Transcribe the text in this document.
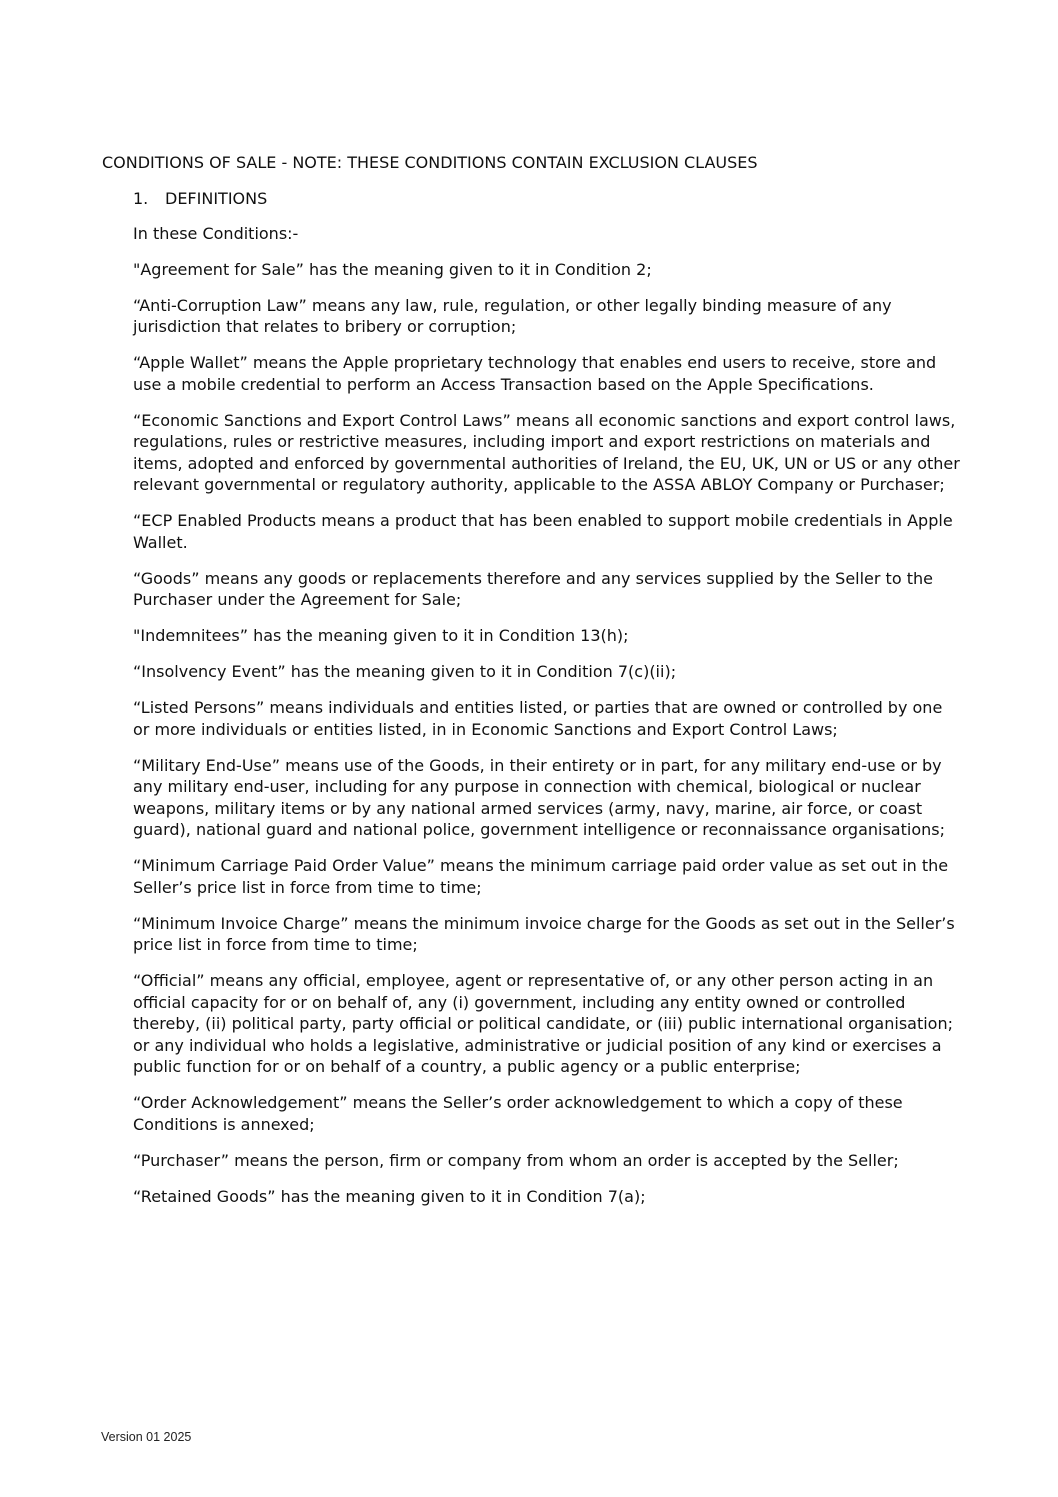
CONDITIONS OF SALE - NOTE: THESE CONDITIONS CONTAIN EXCLUSION CLAUSES
1. DEFINITIONS

In these Conditions:-

"Agreement for Sale” has the meaning given to it in Condition 2;

“Anti-Corruption Law” means any law, rule, regulation, or other legally binding measure of any jurisdiction that relates to bribery or corruption;

“Apple Wallet” means the Apple proprietary technology that enables end users to receive, store and use a mobile credential to perform an Access Transaction based on the Apple Specifications.

“Economic Sanctions and Export Control Laws” means all economic sanctions and export control laws, regulations, rules or restrictive measures, including import and export restrictions on materials and items, adopted and enforced by governmental authorities of Ireland, the EU, UK, UN or US or any other relevant governmental or regulatory authority, applicable to the ASSA ABLOY Company or Purchaser;

“ECP Enabled Products means a product that has been enabled to support mobile credentials in Apple Wallet.

“Goods” means any goods or replacements therefore and any services supplied by the Seller to the Purchaser under the Agreement for Sale;

"Indemnitees” has the meaning given to it in Condition 13(h);

“Insolvency Event” has the meaning given to it in Condition 7(c)(ii);

“Listed Persons” means individuals and entities listed, or parties that are owned or controlled by one or more individuals or entities listed, in in Economic Sanctions and Export Control Laws;

“Military End-Use” means use of the Goods, in their entirety or in part, for any military end-use or by any military end-user, including for any purpose in connection with chemical, biological or nuclear weapons, military items or by any national armed services (army, navy, marine, air force, or coast guard), national guard and national police, government intelligence or reconnaissance organisations;

“Minimum Carriage Paid Order Value” means the minimum carriage paid order value as set out in the Seller’s price list in force from time to time;

“Minimum Invoice Charge” means the minimum invoice charge for the Goods as set out in the Seller’s price list in force from time to time;

“Official” means any official, employee, agent or representative of, or any other person acting in an official capacity for or on behalf of, any (i) government, including any entity owned or controlled thereby, (ii) political party, party official or political candidate, or (iii) public international organisation; or any individual who holds a legislative, administrative or judicial position of any kind or exercises a public function for or on behalf of a country, a public agency or a public enterprise;

“Order Acknowledgement” means the Seller’s order acknowledgement to which a copy of these Conditions is annexed;

“Purchaser” means the person, firm or company from whom an order is accepted by the Seller;

“Retained Goods” has the meaning given to it in Condition 7(a);

Version 01 2025
